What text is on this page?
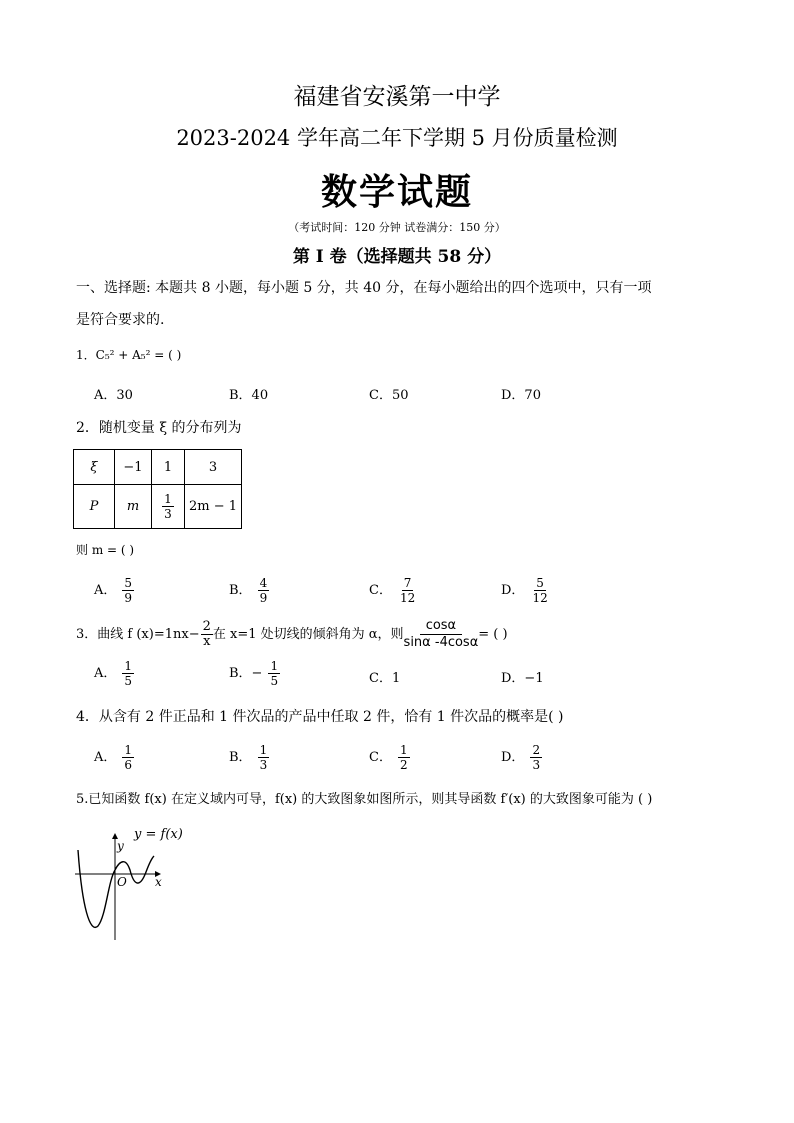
福建省安溪第一中学
2023-2024 学年高二年下学期 5 月份质量检测
数学试题
（考试时间：120 分钟 试卷满分：150 分）
第 I 卷（选择题共 58 分）
一、选择题: 本题共 8 小题，每小题 5 分，共 40 分，在每小题给出的四个选项中，只有一项
是符合要求的.
1．C₅² + A₅² = ( )
A．30	B．40	C．50	D．70
2．随机变量 ξ 的分布列为
ξ	−1	1	3
P	m	$\frac{1}{3}$	2m − 1
则 m = ( )
A． $\frac{5}{9}$	B． $\frac{4}{9}$	C． $\frac{7}{12}$	D． $\frac{5}{12}$
3．曲线 f $(x)=1nx- \frac{2}{x}$ 在 x=1 处切线的倾斜角为 α，则 $\frac{\cos\alpha}{\sin\alpha -4\cos\alpha}$ = ( )
A． $\frac{1}{5}$	B．− $\frac{1}{5}$	C．1	D．−1
4．从含有 2 件正品和 1 件次品的产品中任取 2 件，恰有 1 件次品的概率是( )
A． $\frac{1}{6}$	B． $\frac{1}{3}$	C． $\frac{1}{2}$	D． $\frac{2}{3}$
5.已知函数 f(x) 在定义域内可导，f(x) 的大致图象如图所示，则其导函数 f′(x) 的大致图象可能为 ( )
y = f(x)
y
x
O
